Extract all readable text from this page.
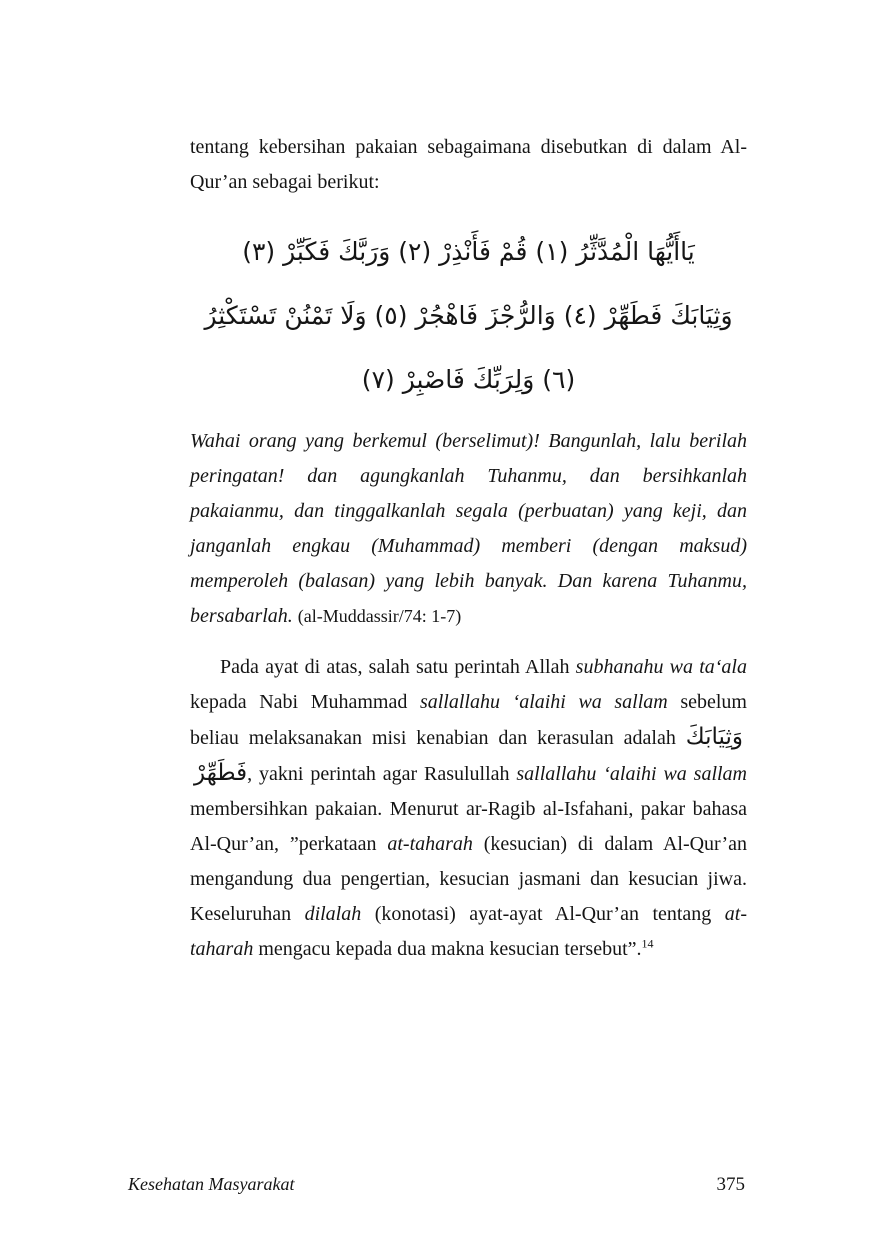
tentang kebersihan pakaian sebagaimana disebutkan di dalam Al-Qur’an sebagai berikut:

يَاأَيُّهَا الْمُدَّثِّرُ (١) قُمْ فَأَنْذِرْ (٢) وَرَبَّكَ فَكَبِّرْ (٣)
وَثِيَابَكَ فَطَهِّرْ (٤) وَالرُّجْزَ فَاهْجُرْ (٥) وَلَا تَمْنُنْ تَسْتَكْثِرُ
(٦) وَلِرَبِّكَ فَاصْبِرْ (٧)

Wahai orang yang berkemul (berselimut)! Bangunlah, lalu berilah peringatan! dan agungkanlah Tuhanmu, dan bersihkanlah pakaianmu, dan tinggalkanlah segala (perbuatan) yang keji, dan janganlah engkau (Muhammad) memberi (dengan maksud) memperoleh (balasan) yang lebih banyak. Dan karena Tuhanmu, bersabarlah. (al-Muddassir/74: 1-7)

Pada ayat di atas, salah satu perintah Allah subhanahu wa ta‘ala kepada Nabi Muhammad sallallahu ‘alaihi wa sallam sebelum beliau melaksanakan misi kenabian dan kerasulan adalah وَثِيَابَكَ فَطَهِّرْ, yakni perintah agar Rasulullah sallallahu ‘alaihi wa sallam membersihkan pakaian. Menurut ar-Ragib al-Isfahani, pakar bahasa Al-Qur’an, ”perkataan at-taharah (kesucian) di dalam Al-Qur’an mengandung dua pengertian, kesucian jasmani dan kesucian jiwa. Keseluruhan dilalah (konotasi) ayat-ayat Al-Qur’an tentang at-taharah mengacu kepada dua makna kesucian tersebut”.$^{14}$

Kesehatan Masyarakat	375
